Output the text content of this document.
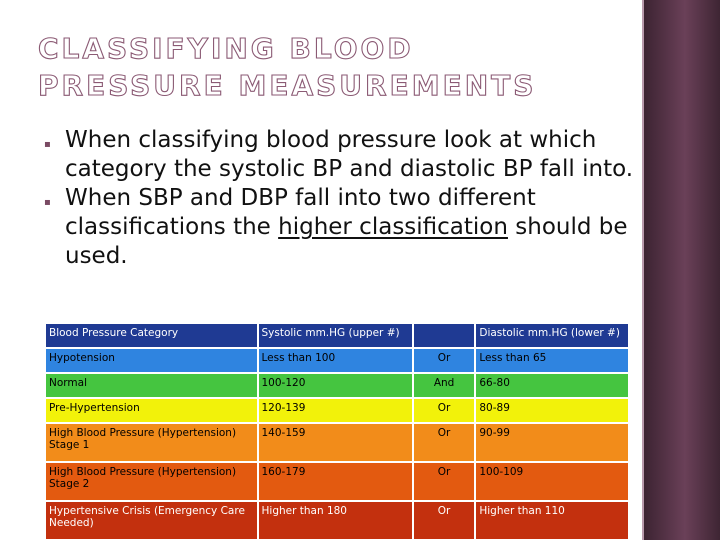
CLASSIFYING BLOOD PRESSURE MEASUREMENTS
▪ When classifying blood pressure look at which category the systolic BP and diastolic BP fall into.
▪ When SBP and DBP fall into two different classifications the higher classification should be used.
Blood Pressure Category	Systolic mm.HG (upper #)		Diastolic mm.HG (lower #)
Hypotension	Less than 100	Or	Less than 65
Normal	100-120	And	66-80
Pre-Hypertension	120-139	Or	80-89
High Blood Pressure (Hypertension) Stage 1	140-159	Or	90-99
High Blood Pressure (Hypertension) Stage 2	160-179	Or	100-109
Hypertensive Crisis (Emergency Care Needed)	Higher than 180	Or	Higher than 110
